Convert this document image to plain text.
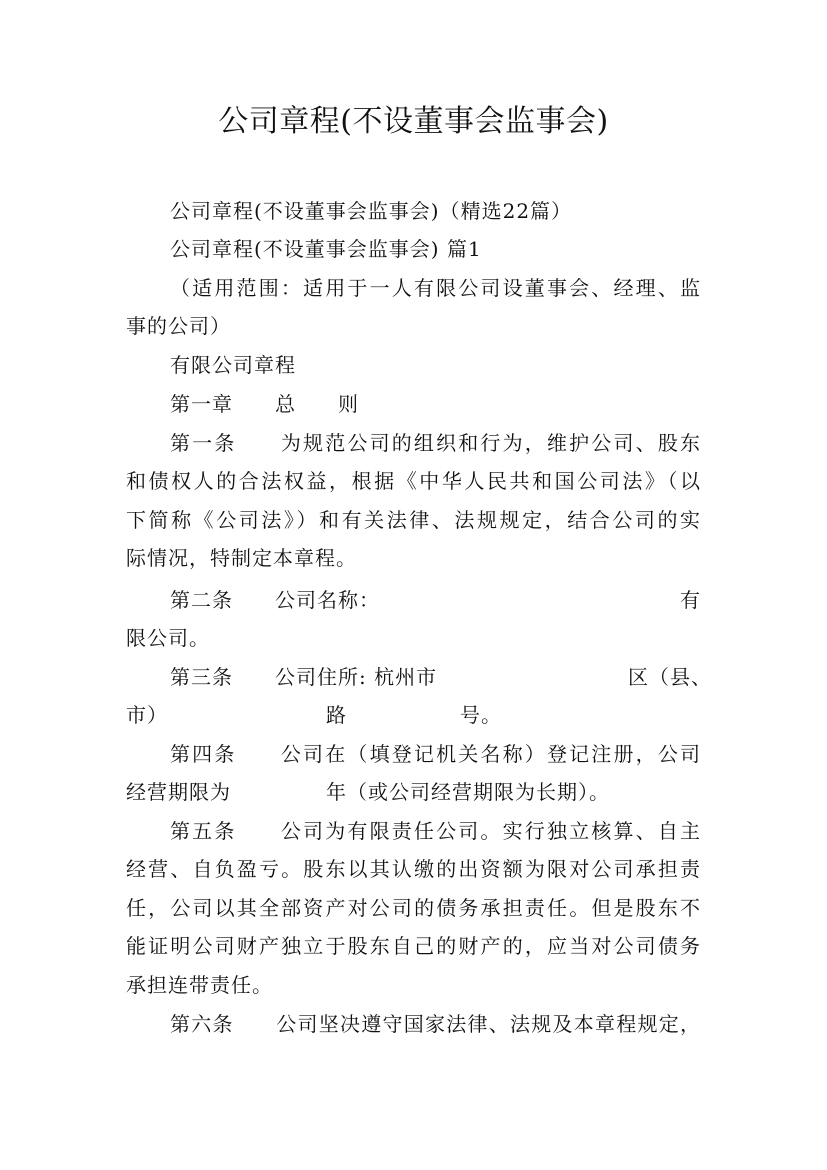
公司章程(不设董事会监事会)
公司章程(不设董事会监事会)（精选22篇）
公司章程(不设董事会监事会) 篇1
（适用范围：适用于一人有限公司设董事会、经理、监
事的公司）
有限公司章程
第一章　　总　　则
第一条　　为规范公司的组织和行为，维护公司、股东
和债权人的合法权益，根据《中华人民共和国公司法》（以
下简称《公司法》）和有关法律、法规规定，结合公司的实
际情况，特制定本章程。
第二条　　公司名称：	有
限公司。
第三条　　公司住所: 杭州市	区（县、
市）	路	号。
第四条　　公司在（填登记机关名称）登记注册，公司
经营期限为	年（或公司经营期限为长期）。
第五条　　公司为有限责任公司。实行独立核算、自主
经营、自负盈亏。股东以其认缴的出资额为限对公司承担责
任，公司以其全部资产对公司的债务承担责任。但是股东不
能证明公司财产独立于股东自己的财产的，应当对公司债务
承担连带责任。
第六条　　公司坚决遵守国家法律、法规及本章程规定，
